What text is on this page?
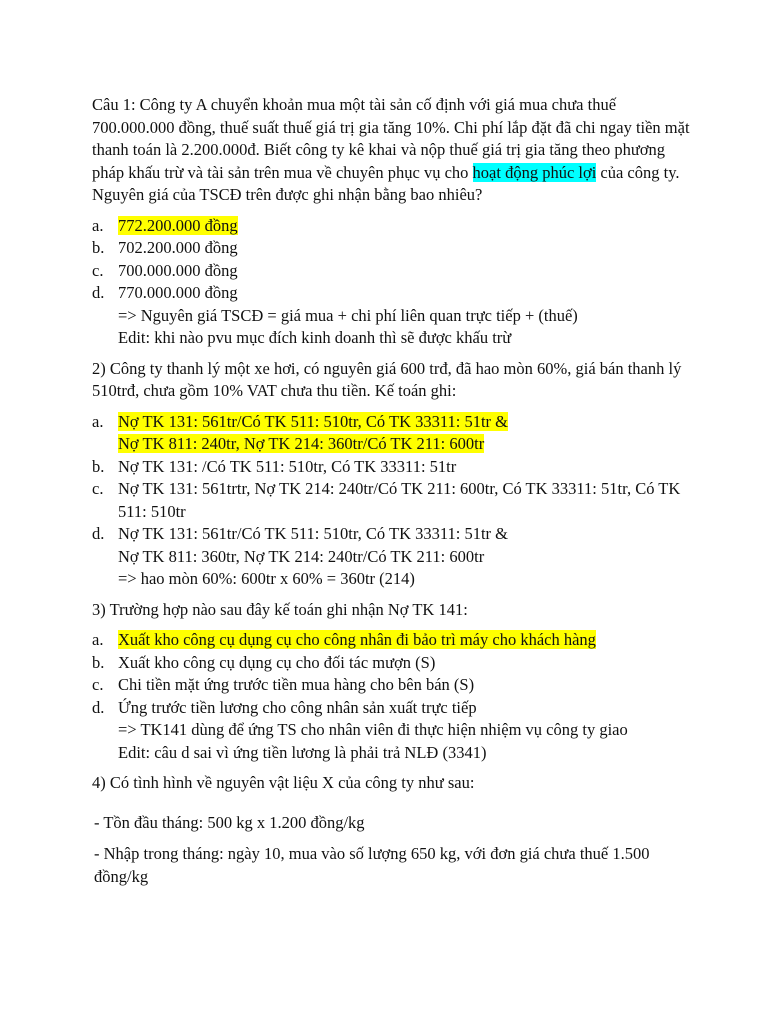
Câu 1: Công ty A chuyển khoản mua một tài sản cố định với giá mua chưa thuế 700.000.000 đồng, thuế suất thuế giá trị gia tăng 10%. Chi phí lắp đặt đã chi ngay tiền mặt thanh toán là 2.200.000đ. Biết công ty kê khai và nộp thuế giá trị gia tăng theo phương pháp khấu trừ và tài sản trên mua về chuyên phục vụ cho hoạt động phúc lợi của công ty. Nguyên giá của TSCĐ trên được ghi nhận bằng bao nhiêu?

a. 772.200.000 đồng
b. 702.200.000 đồng
c. 700.000.000 đồng
d. 770.000.000 đồng

=> Nguyên giá TSCĐ = giá mua + chi phí liên quan trực tiếp + (thuế)

Edit: khi nào pvu mục đích kinh doanh thì sẽ được khấu trừ

2) Công ty thanh lý một xe hơi, có nguyên giá 600 trđ, đã hao mòn 60%, giá bán thanh lý 510trđ, chưa gồm 10% VAT chưa thu tiền. Kế toán ghi:

a. Nợ TK 131: 561tr/Có TK 511: 510tr, Có TK 33311: 51tr &
Nợ TK 811: 240tr, Nợ TK 214: 360tr/Có TK 211: 600tr
b. Nợ TK 131: /Có TK 511: 510tr, Có TK 33311: 51tr
c. Nợ TK 131: 561trtr, Nợ TK 214: 240tr/Có TK 211: 600tr, Có TK 33311: 51tr, Có TK 511: 510tr
d. Nợ TK 131: 561tr/Có TK 511: 510tr, Có TK 33311: 51tr &
Nợ TK 811: 360tr, Nợ TK 214: 240tr/Có TK 211: 600tr

=> hao mòn 60%: 600tr x 60% = 360tr (214)

3) Trường hợp nào sau đây kế toán ghi nhận Nợ TK 141:

a. Xuất kho công cụ dụng cụ cho công nhân đi bảo trì máy cho khách hàng
b. Xuất kho công cụ dụng cụ cho đối tác mượn (S)
c. Chi tiền mặt ứng trước tiền mua hàng cho bên bán (S)
d. Ứng trước tiền lương cho công nhân sản xuất trực tiếp

=> TK141 dùng để ứng TS cho nhân viên đi thực hiện nhiệm vụ công ty giao

Edit: câu d sai vì ứng tiền lương là phải trả NLĐ (3341)

4) Có tình hình về nguyên vật liệu X của công ty như sau:

- Tồn đầu tháng: 500 kg x 1.200 đồng/kg

- Nhập trong tháng: ngày 10, mua vào số lượng 650 kg, với đơn giá chưa thuế 1.500 đồng/kg
